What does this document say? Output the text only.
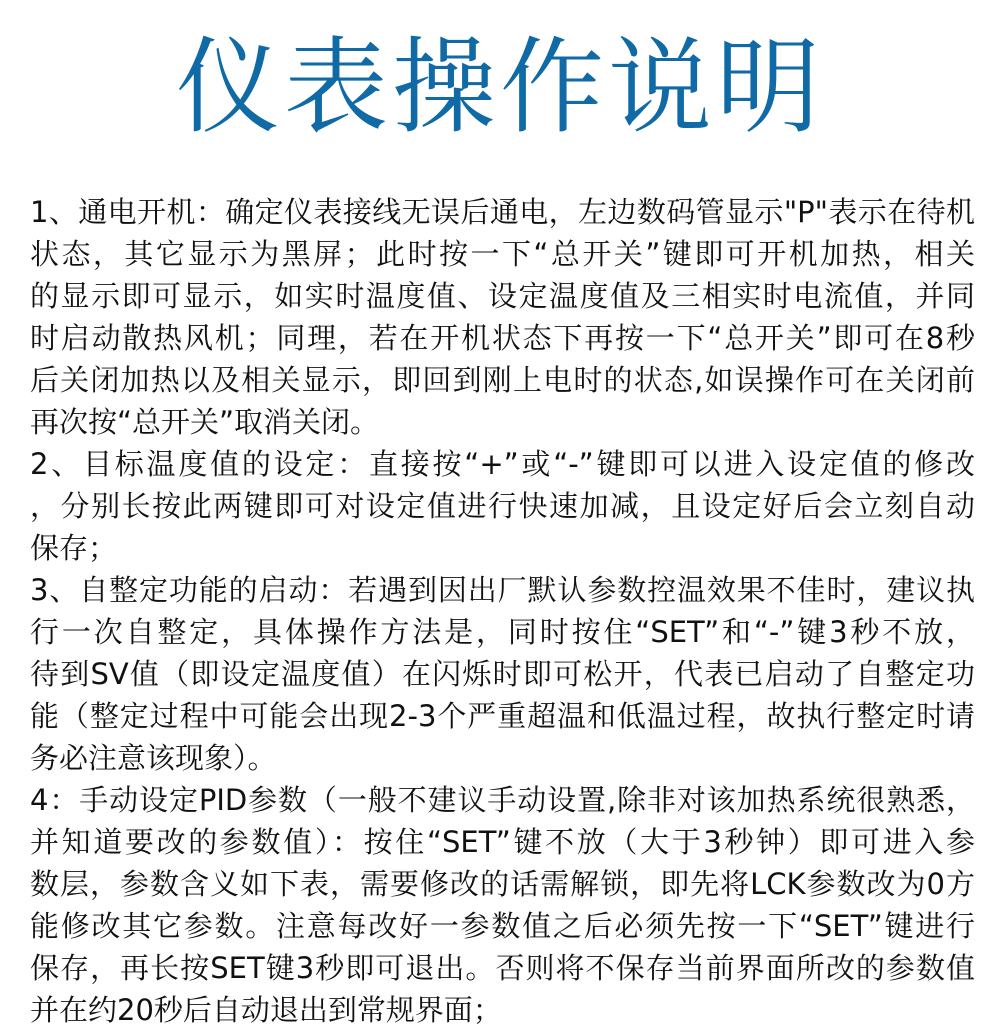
仪表操作说明
1、通电开机：确定仪表接线无误后通电，左边数码管显示"P"表示在待机
状态，其它显示为黑屏；此时按一下“总开关”键即可开机加热，相关
的显示即可显示，如实时温度值、设定温度值及三相实时电流值，并同
时启动散热风机；同理，若在开机状态下再按一下“总开关”即可在8秒
后关闭加热以及相关显示，即回到刚上电时的状态,如误操作可在关闭前
再次按“总开关”取消关闭。
2、目标温度值的设定：直接按“+”或“-”键即可以进入设定值的修改
，分别长按此两键即可对设定值进行快速加减，且设定好后会立刻自动
保存；
3、自整定功能的启动：若遇到因出厂默认参数控温效果不佳时，建议执
行一次自整定，具体操作方法是，同时按住“SET”和“-”键3秒不放，
待到SV值（即设定温度值）在闪烁时即可松开，代表已启动了自整定功
能（整定过程中可能会出现2-3个严重超温和低温过程，故执行整定时请
务必注意该现象）。
4：手动设定PID参数（一般不建议手动设置,除非对该加热系统很熟悉，
并知道要改的参数值）：按住“SET”键不放（大于3秒钟）即可进入参
数层，参数含义如下表，需要修改的话需解锁，即先将LCK参数改为0方
能修改其它参数。注意每改好一参数值之后必须先按一下“SET”键进行
保存，再长按SET键3秒即可退出。否则将不保存当前界面所改的参数值
并在约20秒后自动退出到常规界面；
